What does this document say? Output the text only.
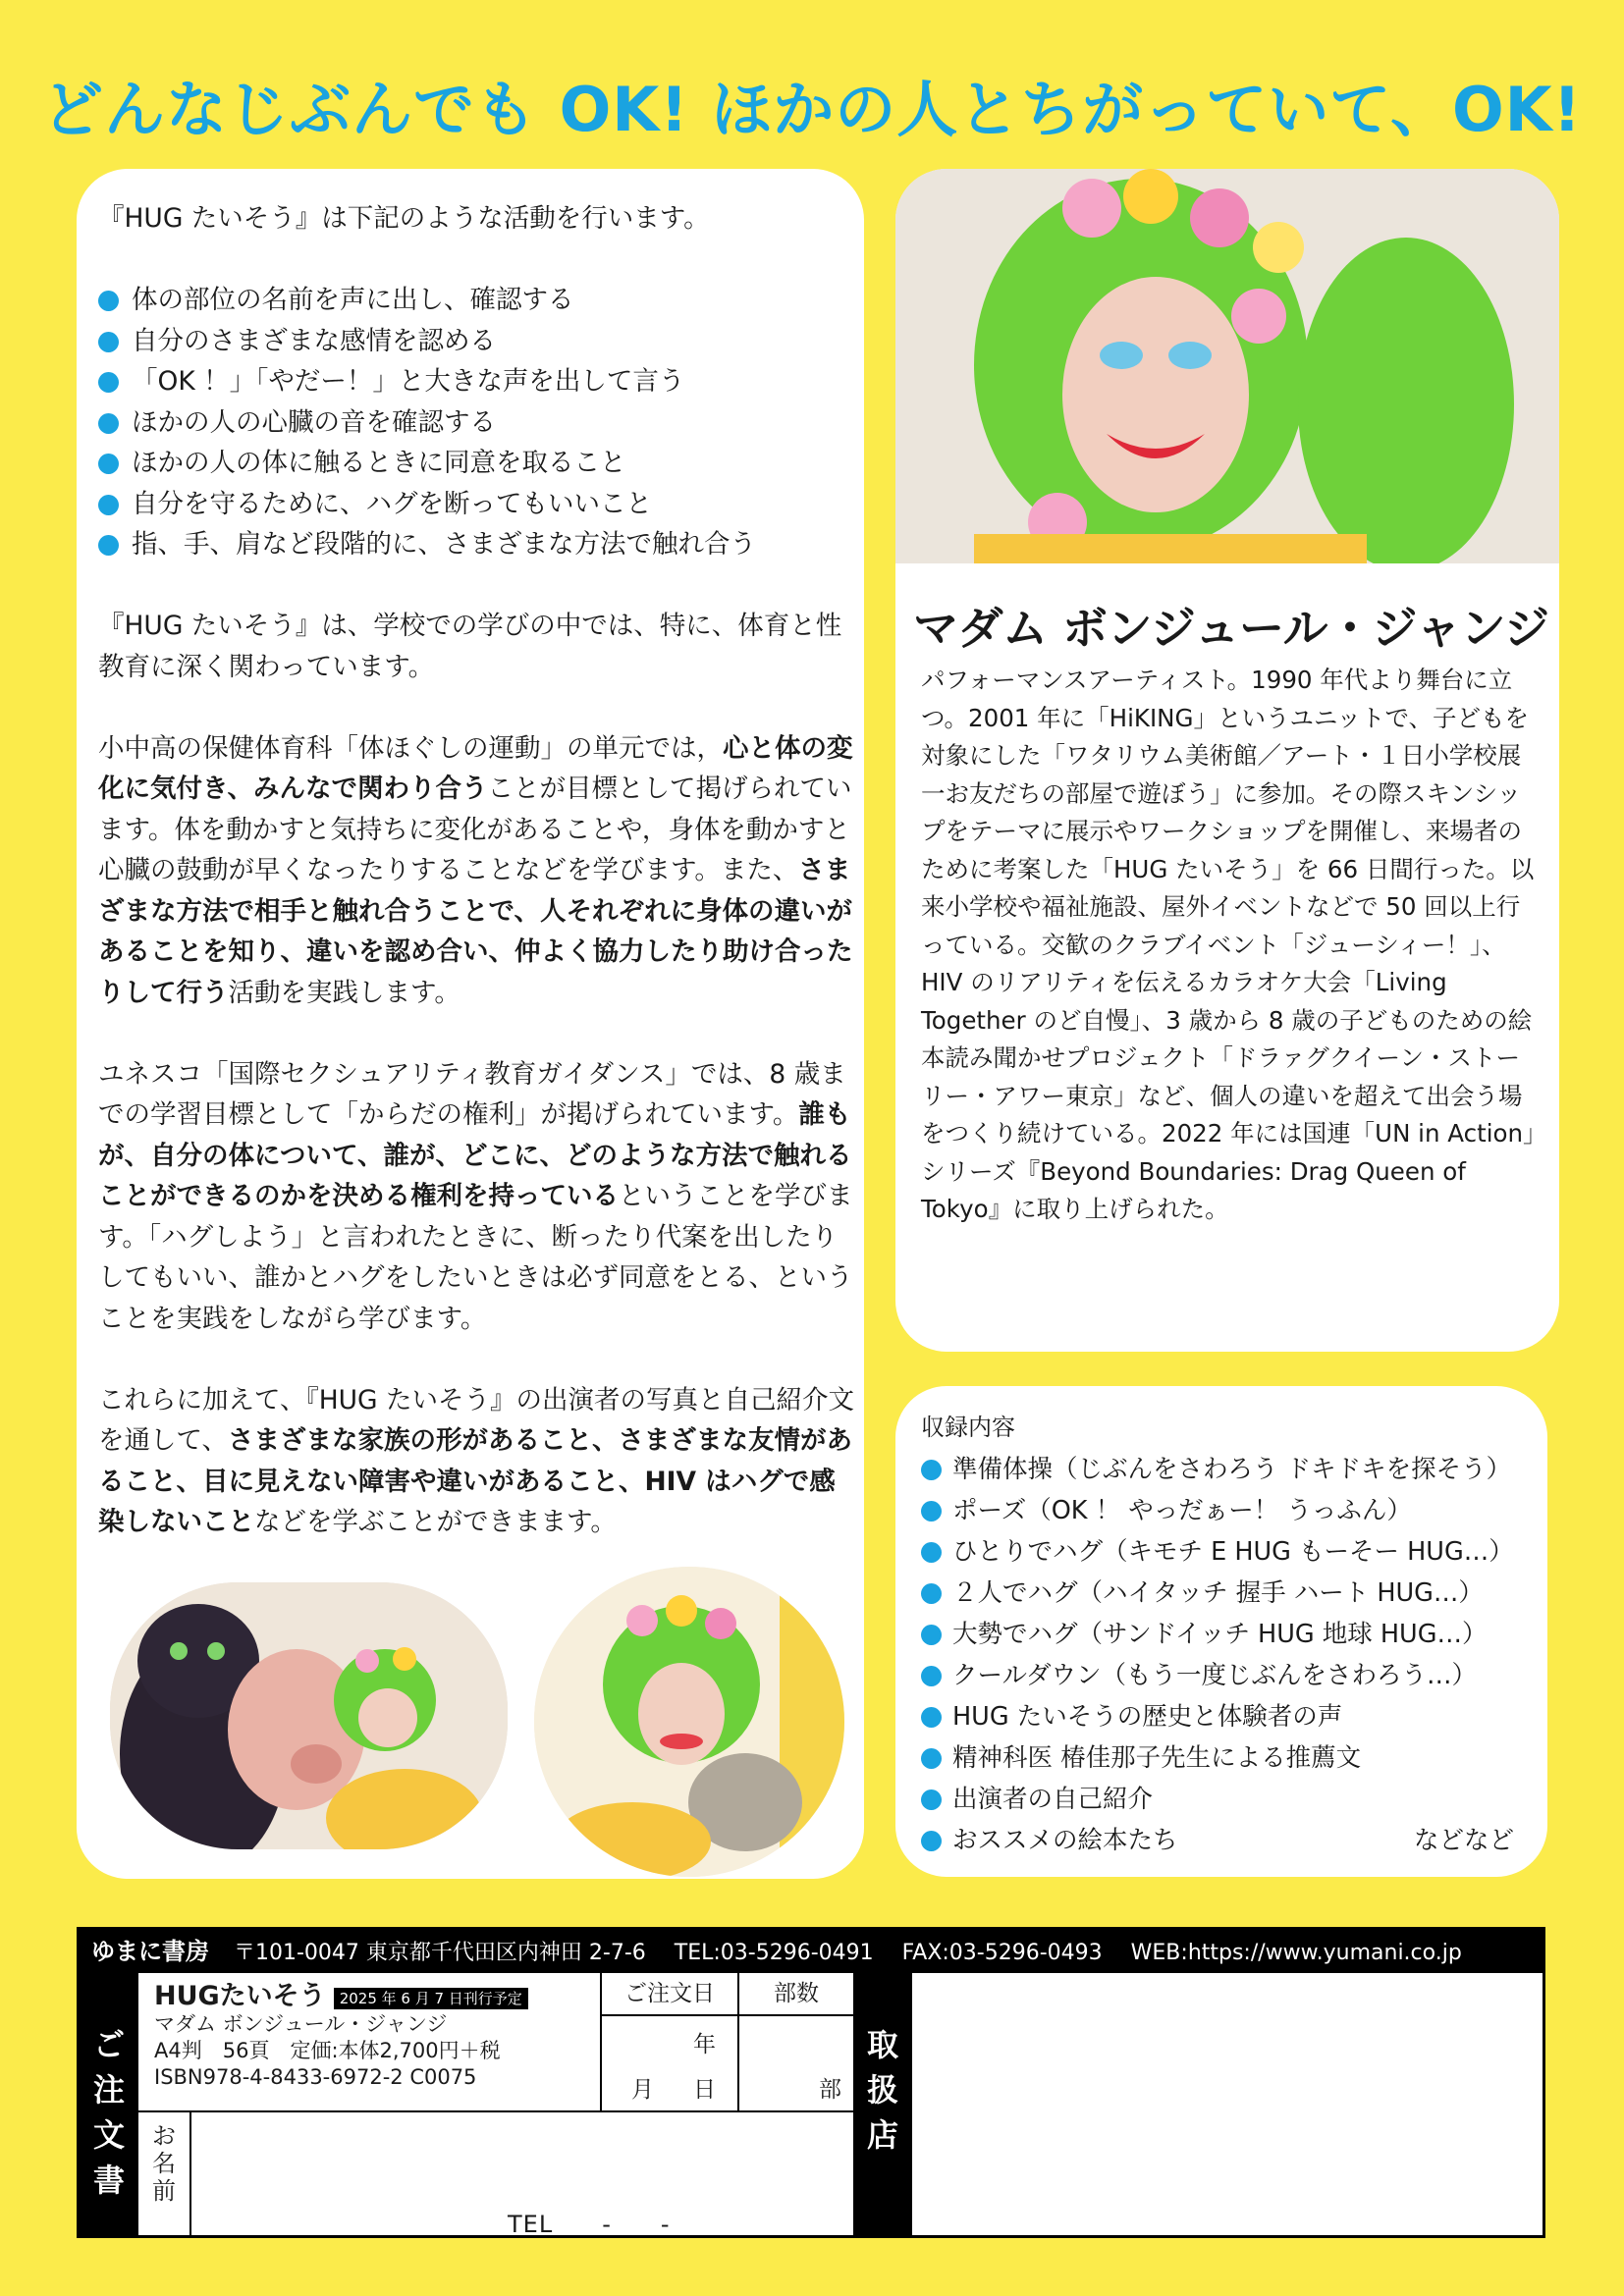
どんなじぶんでも OK! ほかの人とちがっていて、OK!

『HUG たいそう』は下記のような活動を行います。

体の部位の名前を声に出し、確認する
自分のさまざまな感情を認める
「OK ！」「やだー！」と大きな声を出して言う
ほかの人の心臓の音を確認する
ほかの人の体に触るときに同意を取ること
自分を守るために、ハグを断ってもいいこと
指、手、肩など段階的に、さまざまな方法で触れ合う

『HUG たいそう』は、学校での学びの中では、特に、体育と性教育に深く関わっています。

小中高の保健体育科「体ほぐしの運動」の単元では，心と体の変化に気付き、みんなで関わり合うことが目標として掲げられています。体を動かすと気持ちに変化があることや，身体を動かすと心臓の鼓動が早くなったりすることなどを学びます。また、さまざまな方法で相手と触れ合うことで、人それぞれに身体の違いがあることを知り、違いを認め合い、仲よく協力したり助け合ったりして行う活動を実践します。

ユネスコ「国際セクシュアリティ教育ガイダンス」では、8 歳までの学習目標として「からだの権利」が掲げられています。誰もが、自分の体について、誰が、どこに、どのような方法で触れることができるのかを決める権利を持っているということを学びます。「ハグしよう」と言われたときに、断ったり代案を出したりしてもいい、誰かとハグをしたいときは必ず同意をとる、ということを実践をしながら学びます。

これらに加えて、『HUG たいそう』の出演者の写真と自己紹介文を通して、さまざまな家族の形があること、さまざまな友情があること、目に見えない障害や違いがあること、HIV はハグで感染しないことなどを学ぶことができまます。

マダム ボンジュール・ジャンジ

パフォーマンスアーティスト。1990 年代より舞台に立つ。2001 年に「HiKING」というユニットで、子どもを対象にした「ワタリウム美術館／アート・１日小学校展一お友だちの部屋で遊ぼう」に参加。その際スキンシップをテーマに展示やワークショップを開催し、来場者のために考案した「HUG たいそう」を 66 日間行った。以来小学校や福祉施設、屋外イベントなどで 50 回以上行っている。交歓のクラブイベント「ジューシィー！」、HIV のリアリティを伝えるカラオケ大会「Living Together のど自慢」、3 歳から 8 歳の子どものための絵本読み聞かせプロジェクト「ドラァグクイーン・ストーリー・アワー東京」など、個人の違いを超えて出会う場をつくり続けている。2022 年には国連「UN in Action」シリーズ『Beyond Boundaries: Drag Queen of Tokyo』に取り上げられた。

収録内容

準備体操（じぶんをさわろう ドキドキを探そう）
ポーズ（OK ！ やっだぁー！ うっふん）
ひとりでハグ（キモチ E HUG もーそー HUG…）
２人でハグ（ハイタッチ 握手 ハート HUG…）
大勢でハグ（サンドイッチ HUG 地球 HUG…）
クールダウン（もう一度じぶんをさわろう…）
HUG たいそうの歴史と体験者の声
精神科医 椿佳那子先生による推薦文
出演者の自己紹介
おススメの絵本たち	などなど
ゆまに書房 〒101-0047 東京都千代田区内神田 2-7-6 TEL:03-5296-0491 FAX:03-5296-0493 WEB:https://www.yumani.co.jp
ご
注
文
書
HUGたいそう 2025 年 6 月 7 日刊行予定
マダム ボンジュール・ジャンジ
A4判　56頁　定価:本体2,700円＋税
ISBN978-4-8433-6972-2 C0075
ご注文日
年
月 日
部数
部
お
名
前
TEL　　-　　-
取
扱
店
